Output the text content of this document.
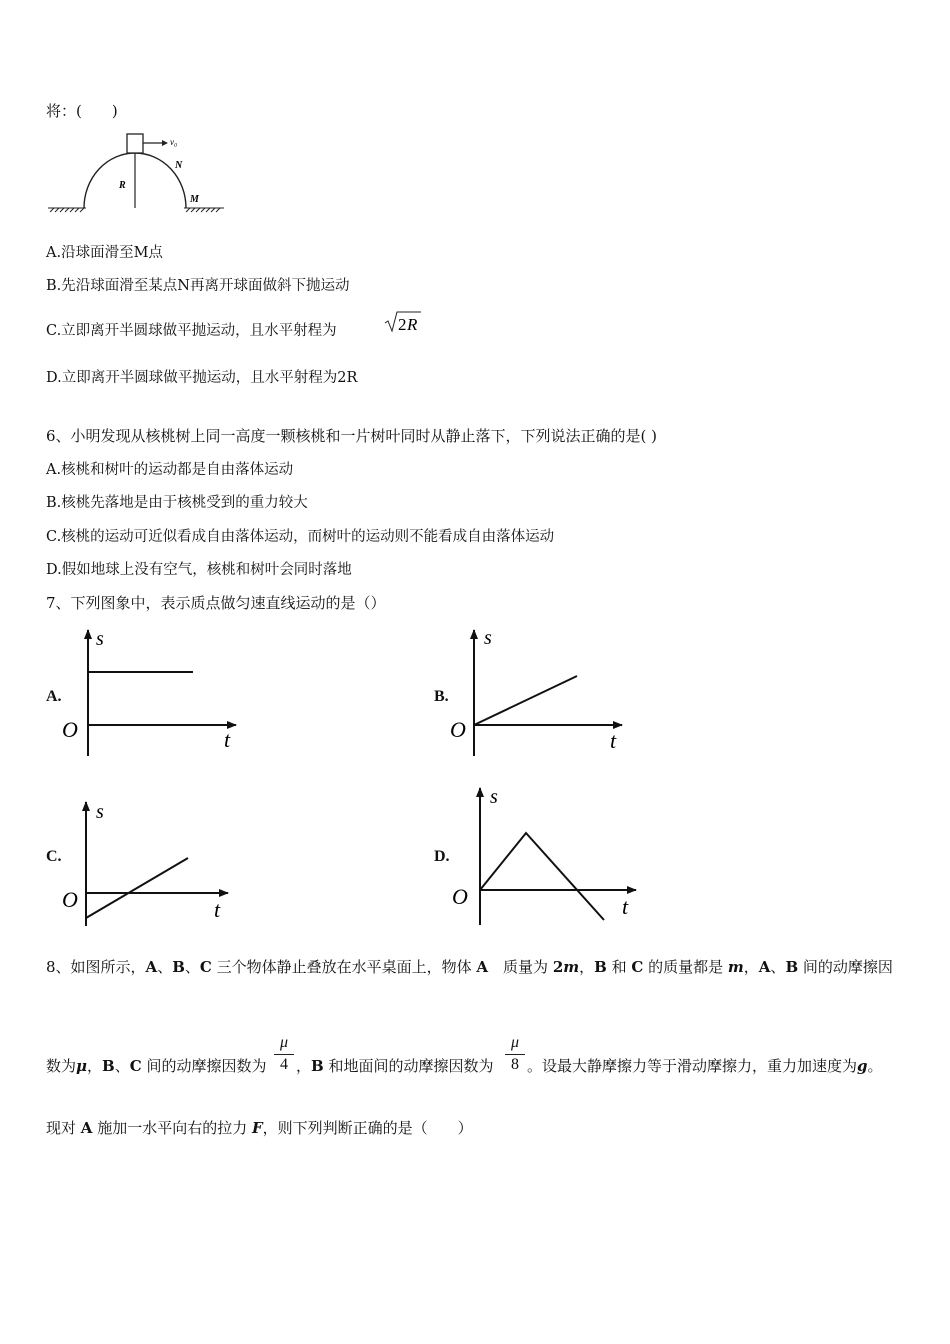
将：(　　)
v₀
N
R
M
A.沿球面滑至M点
B.先沿球面滑至某点N再离开球面做斜下抛运动
C.立即离开半圆球做平抛运动，且水平射程为	2 R
D.立即离开半圆球做平抛运动，且水平射程为2R
6、小明发现从核桃树上同一高度一颗核桃和一片树叶同时从静止落下，下列说法正确的是( )
A.核桃和树叶的运动都是自由落体运动
B.核桃先落地是由于核桃受到的重力较大
C.核桃的运动可近似看成自由落体运动，而树叶的运动则不能看成自由落体运动
D.假如地球上没有空气，核桃和树叶会同时落地
7、下列图象中，表示质点做匀速直线运动的是（）
A.
s
t
O
B.
s
t
O
C.
s
t
O
D.
s
t
O
8、如图所示，A、B、C 三个物体静止叠放在水平桌面上，物体 A　质量为 2m，B 和 C 的质量都是 m，A、B 间的动摩擦因
数为μ，B、C 间的动摩擦因数为 $\frac{\mu}{4}$ ，B 和地面间的动摩擦因数为 $\frac{\mu}{8}$ 。设最大静摩擦力等于滑动摩擦力，重力加速度为g。
现对 A 施加一水平向右的拉力 F，则下列判断正确的是（　　）
